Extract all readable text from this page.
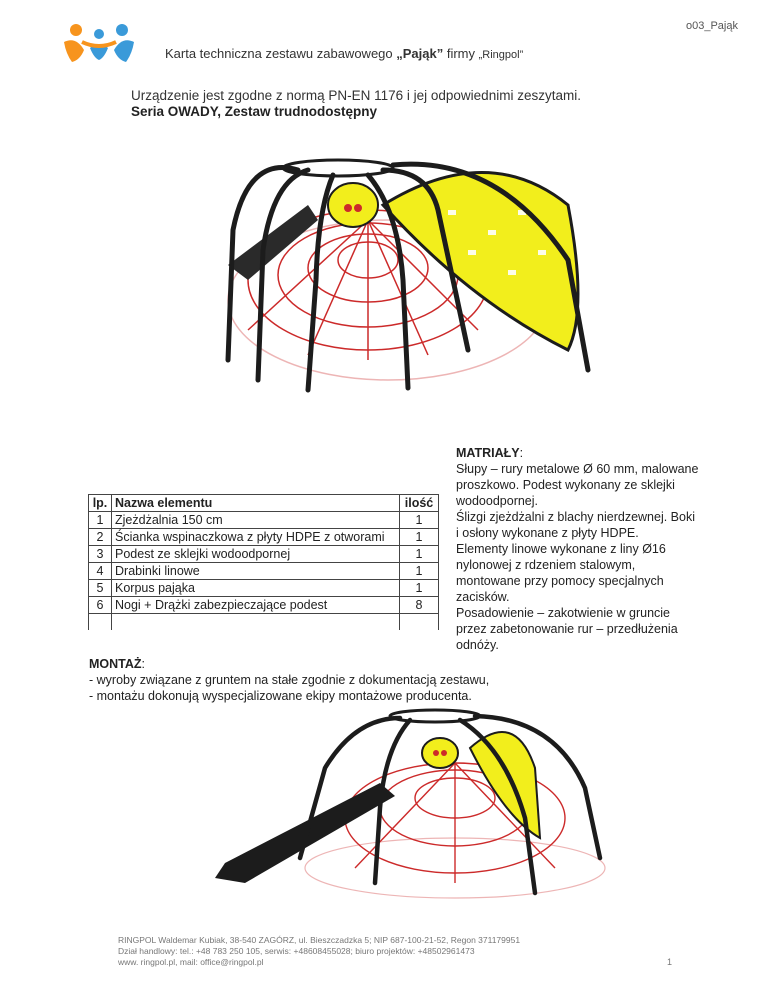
o03_Pająk
Karta techniczna zestawu zabawowego „Pająk” firmy „Ringpol”
Urządzenie jest zgodne z normą PN-EN 1176 i jej odpowiednimi zeszytami.
Seria OWADY, Zestaw trudnodostępny
lp.	Nazwa elementu	ilość
1	Zjeżdżalnia 150 cm	1
2	Ścianka wspinaczkowa z płyty HDPE z otworami	1
3	Podest ze sklejki wodoodpornej	1
4	Drabinki linowe	1
5	Korpus pająka	1
6	Nogi + Drążki zabezpieczające podest	8

MATRIAŁY:

Słupy – rury metalowe Ø 60 mm, malowane

proszkowo. Podest wykonany ze sklejki

wodoodpornej.

Ślizgi zjeżdżalni z blachy nierdzewnej. Boki

i osłony wykonane z płyty HDPE.

Elementy linowe wykonane z liny Ø16

nylonowej z rdzeniem stalowym,

montowane przy pomocy specjalnych

zacisków.

Posadowienie – zakotwienie w gruncie

przez zabetonowanie rur – przedłużenia

odnóży.

MONTAŻ:

- wyroby związane z gruntem na stałe zgodnie z dokumentacją zestawu,

- montażu dokonują wyspecjalizowane ekipy montażowe producenta.

RINGPOL Waldemar Kubiak, 38-540 ZAGÓRZ, ul. Bieszczadzka 5; NIP 687-100-21-52, Regon 371179951

Dział handlowy: tel.: +48 783 250 105, serwis: +48608455028; biuro projektów: +48502961473

www. ringpol.pl, mail: office@ringpol.pl	1
